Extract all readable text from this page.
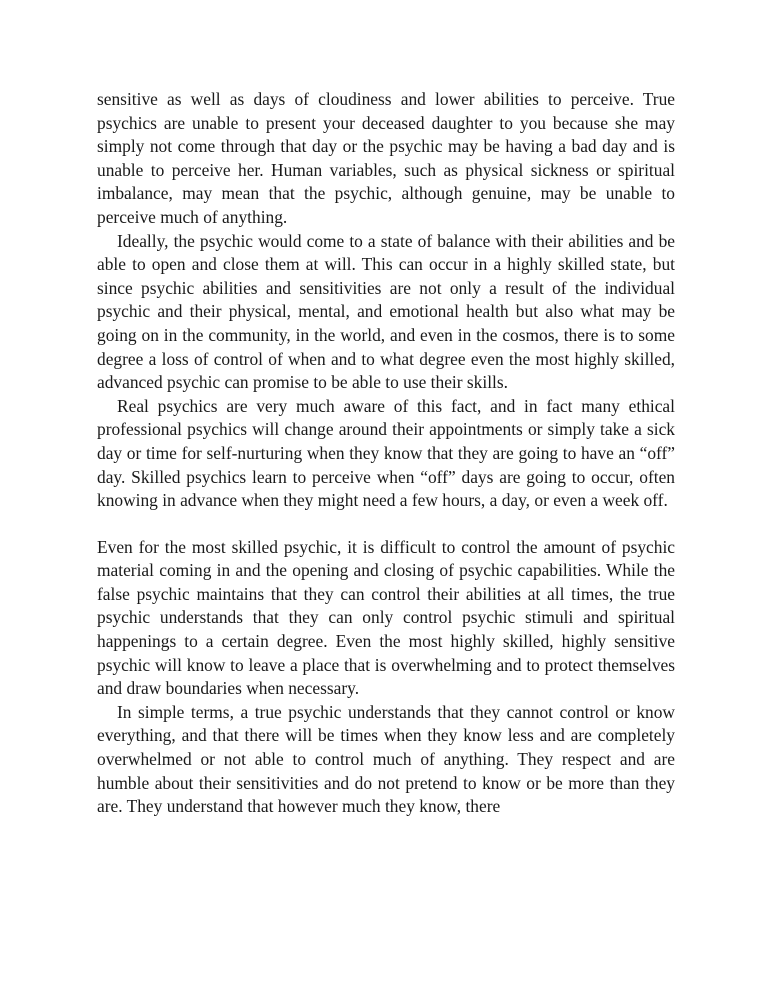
sensitive as well as days of cloudiness and lower abilities to perceive. True psychics are unable to present your deceased daughter to you because she may simply not come through that day or the psychic may be having a bad day and is unable to perceive her. Human variables, such as physical sickness or spiritual imbalance, may mean that the psychic, although genuine, may be unable to perceive much of anything.

Ideally, the psychic would come to a state of balance with their abilities and be able to open and close them at will. This can occur in a highly skilled state, but since psychic abilities and sensitivities are not only a result of the individual psychic and their physical, mental, and emotional health but also what may be going on in the community, in the world, and even in the cosmos, there is to some degree a loss of control of when and to what degree even the most highly skilled, advanced psychic can promise to be able to use their skills.

Real psychics are very much aware of this fact, and in fact many ethical professional psychics will change around their appointments or simply take a sick day or time for self-nurturing when they know that they are going to have an “off” day. Skilled psychics learn to perceive when “off” days are going to occur, often knowing in advance when they might need a few hours, a day, or even a week off.

Even for the most skilled psychic, it is difficult to control the amount of psychic material coming in and the opening and closing of psychic capabilities. While the false psychic maintains that they can control their abilities at all times, the true psychic understands that they can only control psychic stimuli and spiritual happenings to a certain degree. Even the most highly skilled, highly sensitive psychic will know to leave a place that is overwhelming and to protect themselves and draw boundaries when necessary.

In simple terms, a true psychic understands that they cannot control or know everything, and that there will be times when they know less and are completely overwhelmed or not able to control much of anything. They respect and are humble about their sensitivities and do not pretend to know or be more than they are. They understand that however much they know, there
